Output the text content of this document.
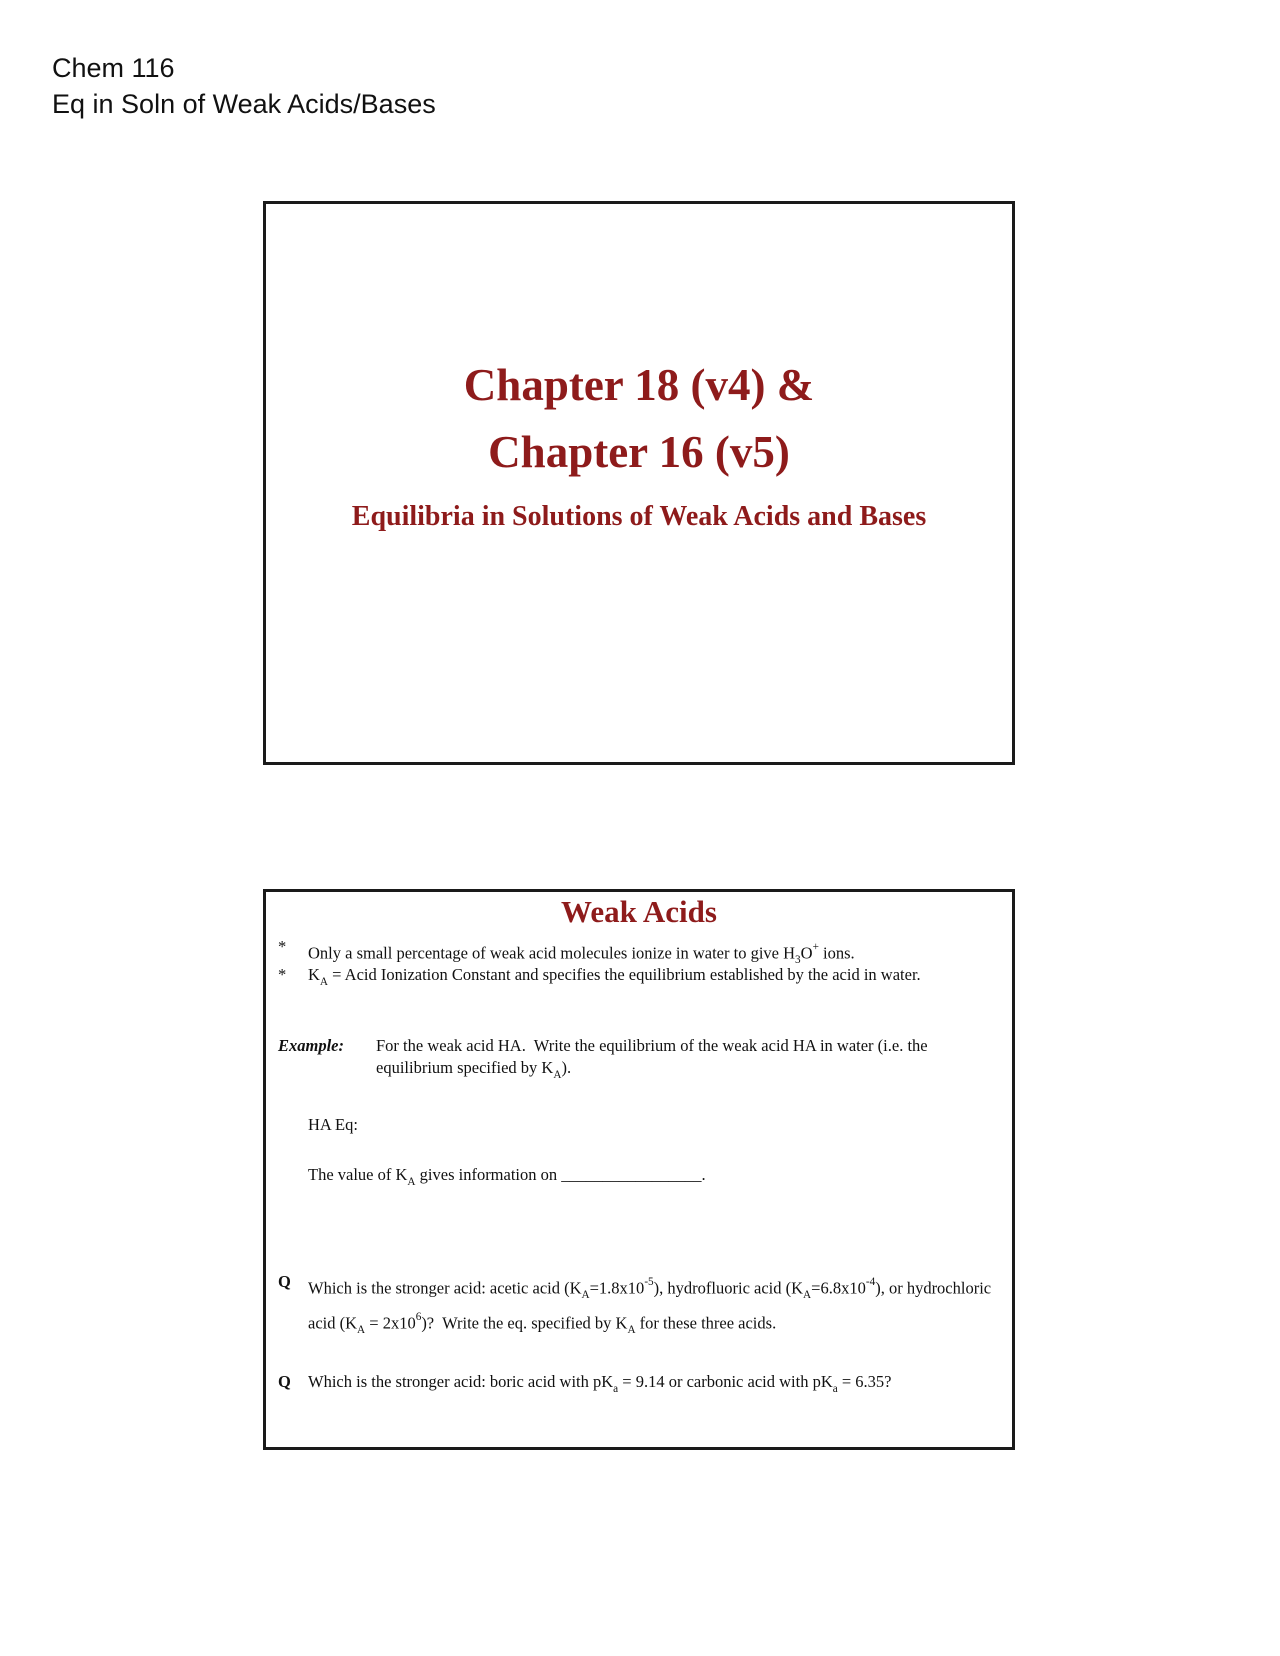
Chem 116
Eq in Soln of Weak Acids/Bases
Chapter 18 (v4) &
Chapter 16 (v5)
Equilibria in Solutions of Weak Acids and Bases
Weak Acids
*	Only a small percentage of weak acid molecules ionize in water to give $H_3O^+$ ions.
*	$K_A$ = Acid Ionization Constant and specifies the equilibrium established by the acid in water.
Example:	For the weak acid HA.  Write the equilibrium of the weak acid HA in water (i.e. the equilibrium specified by $K_A$).
HA Eq:
The value of $K_A$ gives information on _________________.
Q	Which is the stronger acid: acetic acid $(K_A=1.8x10^{-5})$, hydrofluoric acid $(K_A=6.8x10^{-4})$, or hydrochloric acid $(K_A = 2x10^6)$?  Write the eq. specified by $K_A$ for these three acids.
Q	Which is the stronger acid: boric acid with $pK_a = 9.14$ or carbonic acid with $pK_a = 6.35$?
